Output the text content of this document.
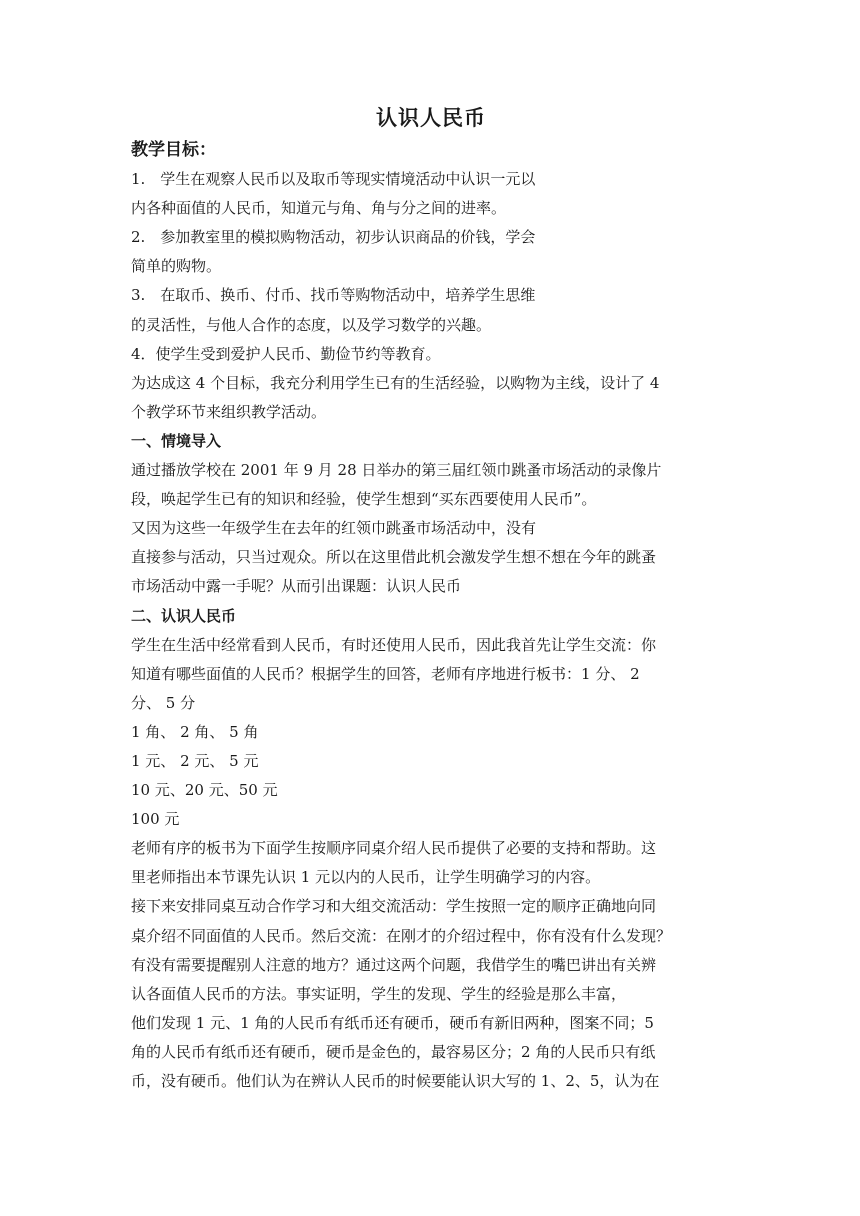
认识人民币
教学目标：
1.　学生在观察人民币以及取币等现实情境活动中认识一元以
内各种面值的人民币，知道元与角、角与分之间的进率。
2.　参加教室里的模拟购物活动，初步认识商品的价钱，学会
简单的购物。
3.　在取币、换币、付币、找币等购物活动中，培养学生思维
的灵活性，与他人合作的态度，以及学习数学的兴趣。
4．使学生受到爱护人民币、勤俭节约等教育。
为达成这 4 个目标，我充分利用学生已有的生活经验，以购物为主线，设计了 4
个教学环节来组织教学活动。
一、情境导入
通过播放学校在 2001 年 9 月 28 日举办的第三届红领巾跳蚤市场活动的录像片
段，唤起学生已有的知识和经验，使学生想到“买东西要使用人民币”。
又因为这些一年级学生在去年的红领巾跳蚤市场活动中，没有
直接参与活动，只当过观众。所以在这里借此机会激发学生想不想在今年的跳蚤
市场活动中露一手呢？从而引出课题：认识人民币
二、认识人民币
学生在生活中经常看到人民币，有时还使用人民币，因此我首先让学生交流：你
知道有哪些面值的人民币？根据学生的回答，老师有序地进行板书：1 分、 2
分、 5 分
1 角、 2 角、 5 角
1 元、 2 元、 5 元
10 元、20 元、50 元
100 元
老师有序的板书为下面学生按顺序同桌介绍人民币提供了必要的支持和帮助。这
里老师指出本节课先认识 1 元以内的人民币，让学生明确学习的内容。
接下来安排同桌互动合作学习和大组交流活动：学生按照一定的顺序正确地向同
桌介绍不同面值的人民币。然后交流：在刚才的介绍过程中，你有没有什么发现？
有没有需要提醒别人注意的地方？通过这两个问题，我借学生的嘴巴讲出有关辨
认各面值人民币的方法。事实证明，学生的发现、学生的经验是那么丰富，
他们发现 1 元、1 角的人民币有纸币还有硬币，硬币有新旧两种，图案不同；5
角的人民币有纸币还有硬币，硬币是金色的，最容易区分；2 角的人民币只有纸
币，没有硬币。他们认为在辨认人民币的时候要能认识大写的 1、2、5，认为在
